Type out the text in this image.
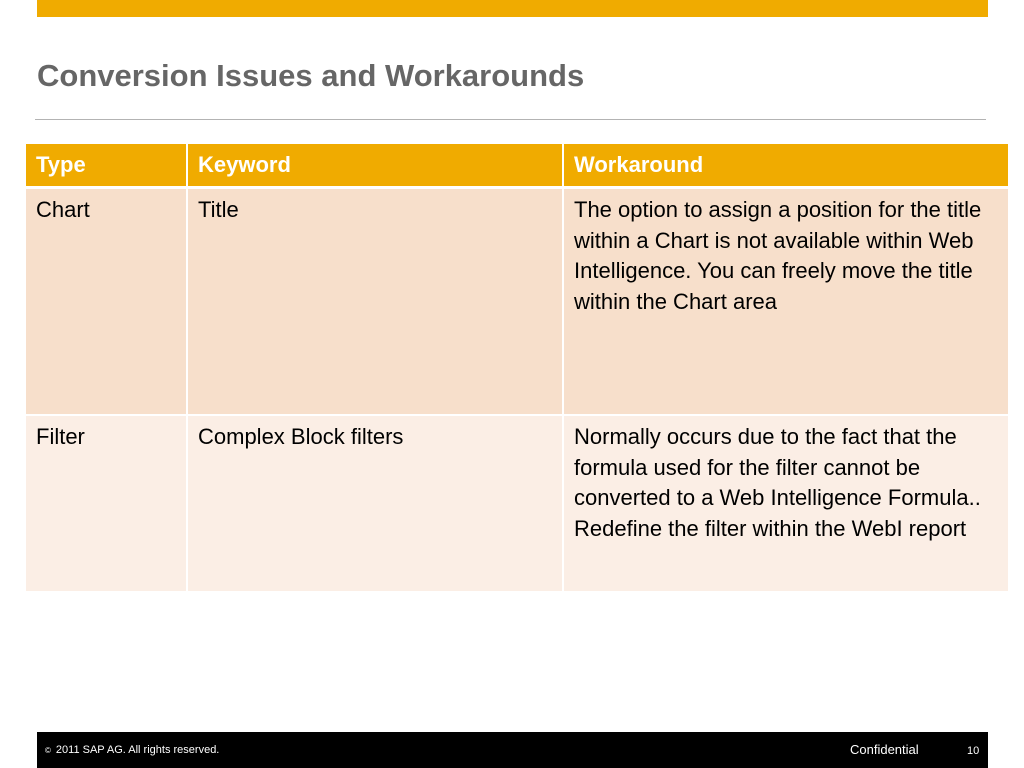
Conversion Issues and Workarounds
Type	Keyword	Workaround
Chart	Title	The option to assign a position for the title within a Chart is not available within Web Intelligence. You can freely move the title within the Chart area
Filter	Complex Block filters	Normally occurs due to the fact that the formula used for the filter cannot be converted to a Web Intelligence Formula.. Redefine the filter within the WebI report
© 2011 SAP AG. All rights reserved.	Confidential	10
